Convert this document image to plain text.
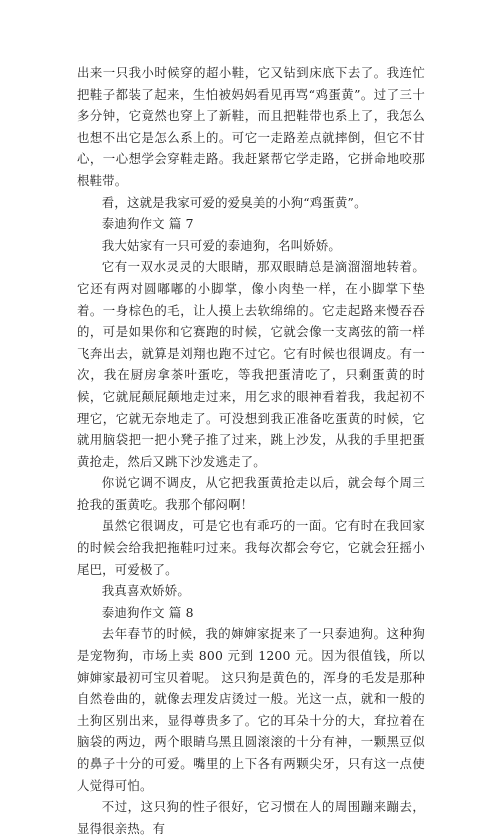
出来一只我小时候穿的超小鞋，它又钻到床底下去了。我连忙把鞋子都装了起来，生怕被妈妈看见再骂“鸡蛋黄”。过了三十多分钟，它竟然也穿上了新鞋，而且把鞋带也系上了，我怎么也想不出它是怎么系上的。可它一走路差点就摔倒，但它不甘心，一心想学会穿鞋走路。我赶紧帮它学走路，它拼命地咬那根鞋带。

看，这就是我家可爱的爱臭美的小狗“鸡蛋黄”。

泰迪狗作文 篇 7

我大姑家有一只可爱的泰迪狗，名叫娇娇。

它有一双水灵灵的大眼睛，那双眼睛总是滴溜溜地转着。它还有两对圆嘟嘟的小脚掌，像小肉垫一样，在小脚掌下垫着。一身棕色的毛，让人摸上去软绵绵的。它走起路来慢吞吞的，可是如果你和它赛跑的时候，它就会像一支离弦的箭一样飞奔出去，就算是刘翔也跑不过它。它有时候也很调皮。有一次，我在厨房拿茶叶蛋吃，等我把蛋清吃了，只剩蛋黄的时候，它就屁颠屁颠地走过来，用乞求的眼神看着我，我起初不理它，它就无奈地走了。可没想到我正准备吃蛋黄的时候，它就用脑袋把一把小凳子推了过来，跳上沙发，从我的手里把蛋黄抢走，然后又跳下沙发逃走了。

你说它调不调皮，从它把我蛋黄抢走以后，就会每个周三抢我的蛋黄吃。我那个郁闷啊！

虽然它很调皮，可是它也有乖巧的一面。它有时在我回家的时候会给我把拖鞋叼过来。我每次都会夸它，它就会狂摇小尾巴，可爱极了。

我真喜欢娇娇。

泰迪狗作文 篇 8

去年春节的时候，我的婶婶家捉来了一只泰迪狗。这种狗是宠物狗，市场上卖 800 元到 1200 元。因为很值钱，所以婶婶家最初可宝贝着呢。 这只狗是黄色的，浑身的毛发是那种自然卷曲的，就像去理发店烫过一般。光这一点，就和一般的土狗区别出来，显得尊贵多了。它的耳朵十分的大，耷拉着在脑袋的两边，两个眼睛乌黑且圆滚滚的十分有神，一颗黑豆似的鼻子十分的可爱。嘴里的上下各有两颗尖牙，只有这一点使人觉得可怕。

不过，这只狗的性子很好，它习惯在人的周围蹦来蹦去，显得很亲热。有
